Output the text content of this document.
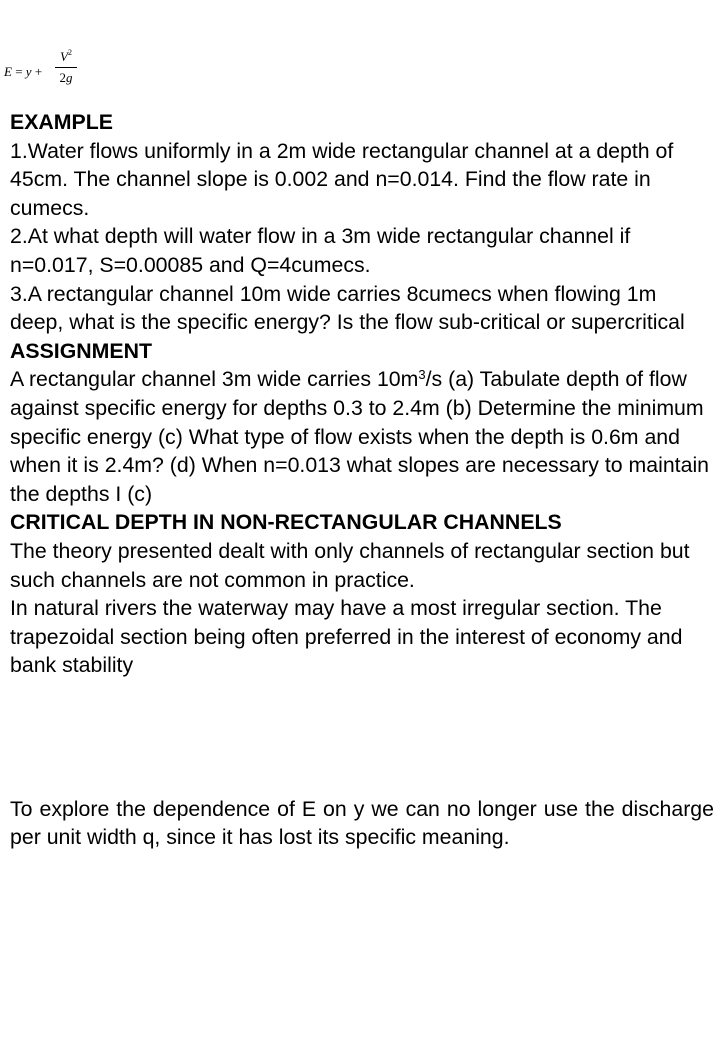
E = y +
$V^2$
2g

EXAMPLE

1.Water flows uniformly in a 2m wide rectangular channel at a depth of 45cm. The channel slope is 0.002 and n=0.014. Find the flow rate in cumecs.

2.At what depth will water flow in a 3m wide rectangular channel if n=0.017, S=0.00085 and Q=4cumecs.

3.A rectangular channel 10m wide carries 8cumecs when flowing 1m deep, what is the specific energy? Is the flow sub-critical or supercritical

ASSIGNMENT

A rectangular channel 3m wide carries $10m^3/s$ (a) Tabulate depth of flow against specific energy for depths 0.3 to 2.4m (b) Determine the minimum specific energy (c) What type of flow exists when the depth is 0.6m and when it is 2.4m? (d) When n=0.013 what slopes are necessary to maintain the depths I (c)

CRITICAL DEPTH IN NON-RECTANGULAR CHANNELS

The theory presented dealt with only channels of rectangular section but such channels are not common in practice.

In natural rivers the waterway may have a most irregular section. The trapezoidal section being often preferred in the interest of economy and bank stability

To explore the dependence of E on y we can no longer use the discharge per unit width q, since it has lost its specific meaning.
